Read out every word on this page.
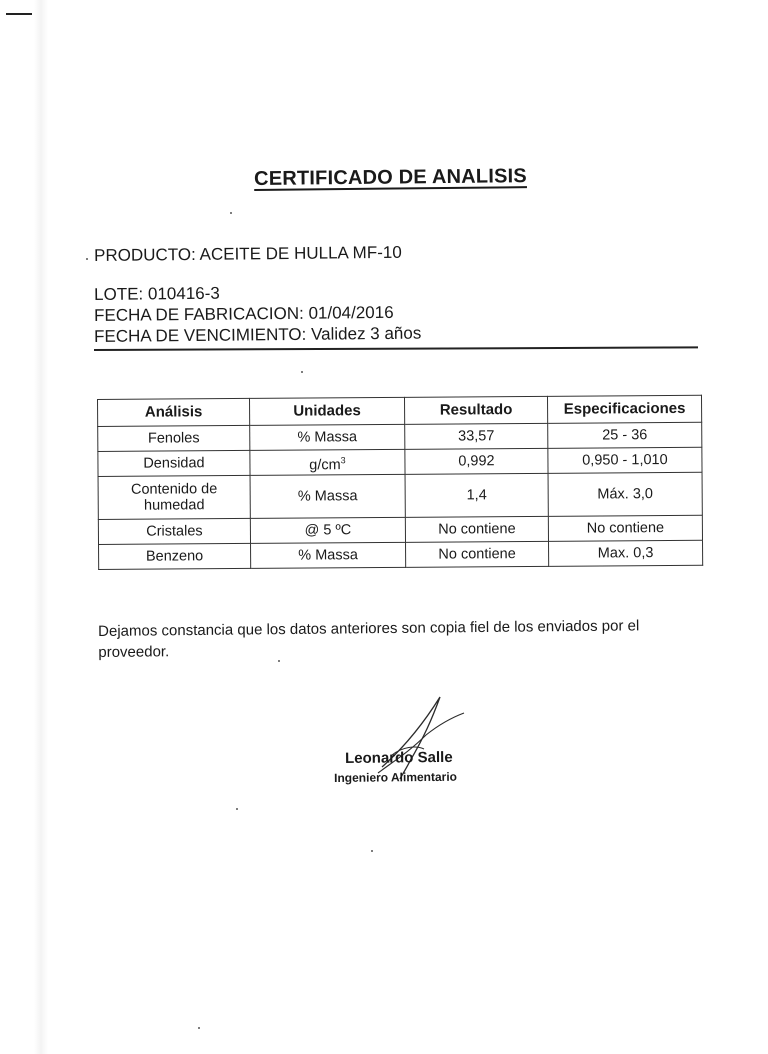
CERTIFICADO DE ANALISIS
PRODUCTO: ACEITE DE HULLA MF-10
LOTE: 010416-3
FECHA DE FABRICACION: 01/04/2016
FECHA DE VENCIMIENTO: Validez 3 años
Análisis	Unidades	Resultado	Especificaciones
Fenoles	% Massa	33,57	25 - 36
Densidad	$g/cm^3$	0,992	0,950 - 1,010
Contenido de
humedad	% Massa	1,4	Máx. 3,0
Cristales	@ 5 ºC	No contiene	No contiene
Benzeno	% Massa	No contiene	Max. 0,3
Dejamos constancia que los datos anteriores son copia fiel de los enviados por el proveedor.
Leonardo Salle
Ingeniero Alimentario
